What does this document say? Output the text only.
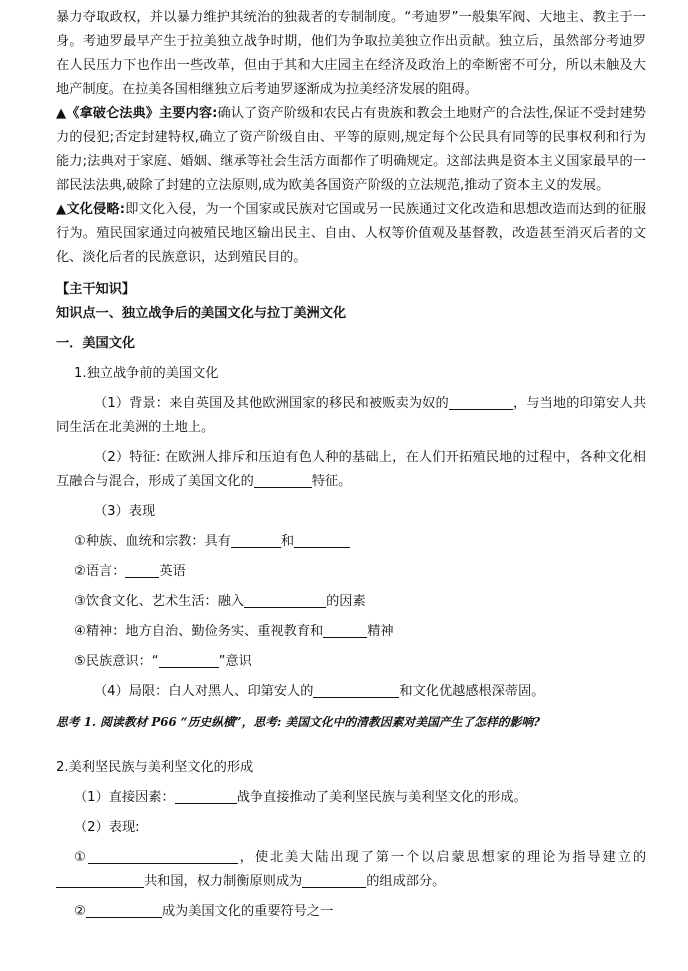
暴力夺取政权，并以暴力维护其统治的独裁者的专制制度。“考迪罗”一般集军阀、大地主、教主于一身。考迪罗最早产生于拉美独立战争时期，他们为争取拉美独立作出贡献。独立后，虽然部分考迪罗在人民压力下也作出一些改革，但由于其和大庄园主在经济及政治上的牵断密不可分，所以未触及大地产制度。在拉美各国相继独立后考迪罗逐渐成为拉美经济发展的阻碍。

▲《拿破仑法典》主要内容:确认了资产阶级和农民占有贵族和教会土地财产的合法性,保证不受封建势力的侵犯;否定封建特权,确立了资产阶级自由、平等的原则,规定每个公民具有同等的民事权利和行为能力;法典对于家庭、婚姻、继承等社会生活方面都作了明确规定。这部法典是资本主义国家最早的一部民法法典,破除了封建的立法原则,成为欧美各国资产阶级的立法规范,推动了资本主义的发展。

▲文化侵略:即文化入侵，为一个国家或民族对它国或另一民族通过文化改造和思想改造而达到的征服行为。殖民国家通过向被殖民地区输出民主、自由、人权等价值观及基督教，改造甚至消灭后者的文化、淡化后者的民族意识，达到殖民目的。

【主干知识】

知识点一、独立战争后的美国文化与拉丁美洲文化

一．美国文化

1.独立战争前的美国文化

（1）背景：来自英国及其他欧洲国家的移民和被贩卖为奴的	，与当地的印第安人共同生活在北美洲的土地上。

（2）特征: 在欧洲人排斥和压迫有色人种的基础上，在人们开拓殖民地的过程中，各种文化相互融合与混合，形成了美国文化的	特征。

（3）表现

①种族、血统和宗教：具有	和

②语言：	英语

③饮食文化、艺术生活：融入	的因素

④精神：地方自治、勤俭务实、重视教育和	精神

⑤民族意识：“	”意识

（4）局限：白人对黑人、印第安人的	和文化优越感根深蒂固。

思考 1. 阅读教材 P66 “历史纵横”，思考: 美国文化中的清教因素对美国产生了怎样的影响?

2.美利坚民族与美利坚文化的形成

（1）直接因素：	战争直接推动了美利坚民族与美利坚文化的形成。

（2）表现:

①	，使北美大陆出现了第一个以启蒙思想家的理论为指导建立的共和国，权力制衡原则成为	的组成部分。

②	成为美国文化的重要符号之一
